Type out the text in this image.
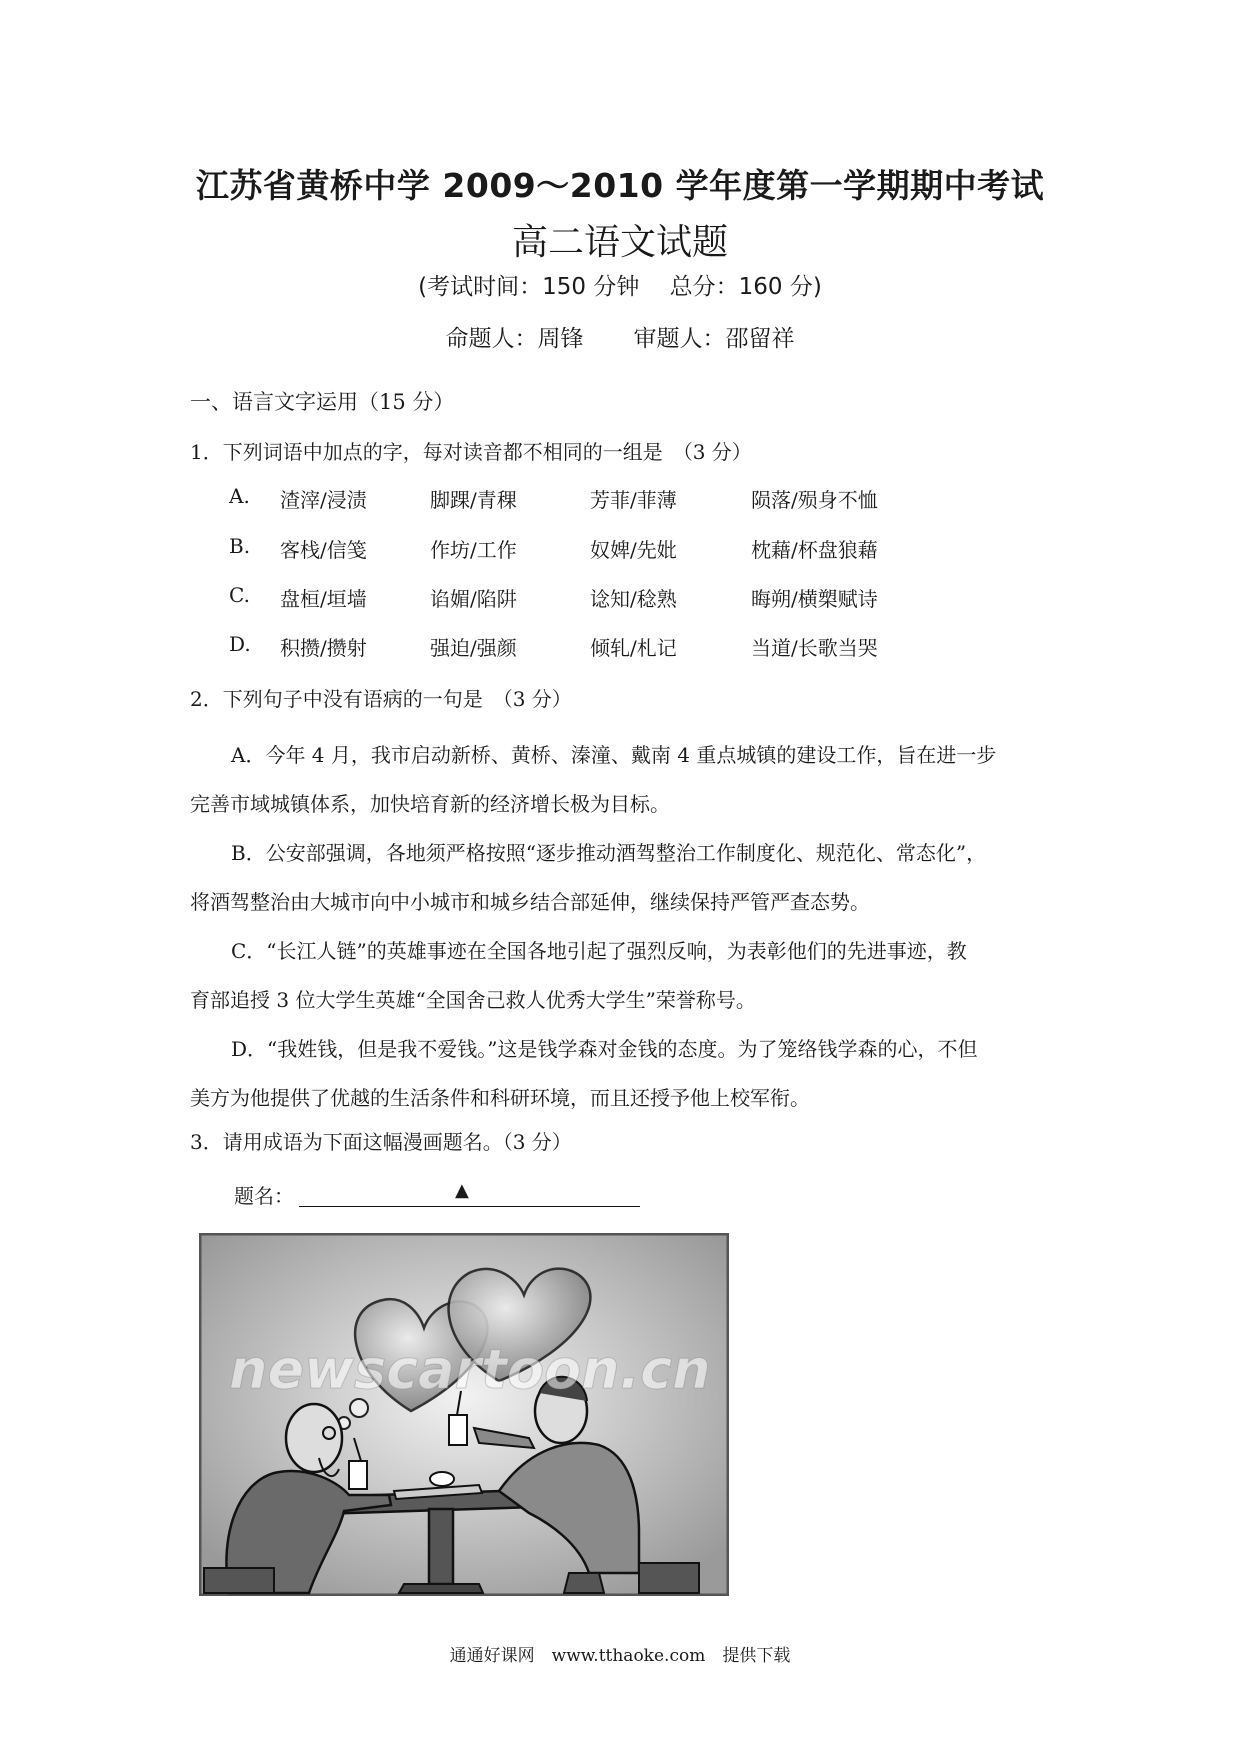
江苏省黄桥中学 2009～2010 学年度第一学期期中考试
高二语文试题
(考试时间：150 分钟　 总分：160 分)
命题人：周锋 审题人：邵留祥
一、语言文字运用（15 分）
1．下列词语中加点的字，每对读音都不相同的一组是　（3 分）
A. 渣滓/浸渍	脚踝/青稞	芳菲/菲薄	陨落/殒身不恤
B. 客栈/信笺	作坊/工作	奴婢/先妣	枕藉/杯盘狼藉
C. 盘桓/垣墙	谄媚/陷阱	谂知/稔熟	晦朔/横槊赋诗
D. 积攒/攒射	强迫/强颜	倾轧/札记	当道/长歌当哭
2．下列句子中没有语病的一句是　（3 分）
A．今年 4 月，我市启动新桥、黄桥、溱潼、戴南 4 重点城镇的建设工作，旨在进一步
完善市域城镇体系，加快培育新的经济增长极为目标。
B．公安部强调，各地须严格按照“逐步推动酒驾整治工作制度化、规范化、常态化”，
将酒驾整治由大城市向中小城市和城乡结合部延伸，继续保持严管严查态势。
C．“长江人链”的英雄事迹在全国各地引起了强烈反响，为表彰他们的先进事迹，教
育部追授 3 位大学生英雄“全国舍己救人优秀大学生”荣誉称号。
D．“我姓钱，但是我不爱钱。”这是钱学森对金钱的态度。为了笼络钱学森的心，不但
美方为他提供了优越的生活条件和科研环境，而且还授予他上校军衔。
3．请用成语为下面这幅漫画题名。（3 分）
题名：	▲
newscartoon.cn
通通好课网　www.tthaoke.com　提供下载
